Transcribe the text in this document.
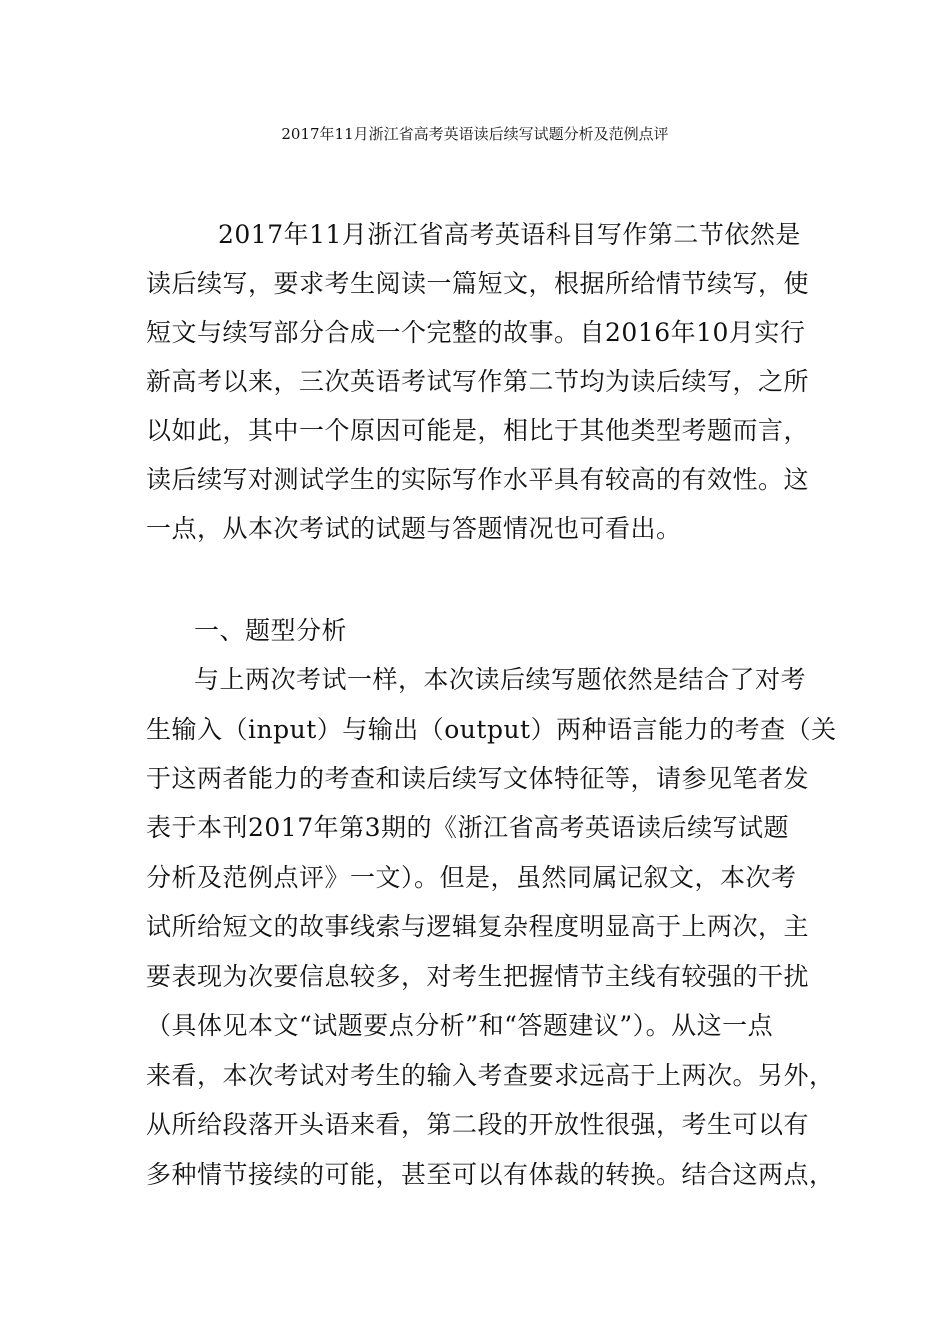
2017年11月浙江省高考英语读后续写试题分析及范例点评
2017年11月浙江省高考英语科目写作第二节依然是
读后续写，要求考生阅读一篇短文，根据所给情节续写，使
短文与续写部分合成一个完整的故事。自2016年10月实行
新高考以来，三次英语考试写作第二节均为读后续写，之所
以如此，其中一个原因可能是，相比于其他类型考题而言，
读后续写对测试学生的实际写作水平具有较高的有效性。这
一点，从本次考试的试题与答题情况也可看出。
一、题型分析
与上两次考试一样，本次读后续写题依然是结合了对考
生输入（input）与输出（output）两种语言能力的考查（关
于这两者能力的考查和读后续写文体特征等，请参见笔者发
表于本刊2017年第3期的《浙江省高考英语读后续写试题
分析及范例点评》一文）。但是，虽然同属记叙文，本次考
试所给短文的故事线索与逻辑复杂程度明显高于上两次，主
要表现为次要信息较多，对考生把握情节主线有较强的干扰
（具体见本文“试题要点分析”和“答题建议”）。从这一点
来看，本次考试对考生的输入考查要求远高于上两次。另外，
从所给段落开头语来看，第二段的开放性很强，考生可以有
多种情节接续的可能，甚至可以有体裁的转换。结合这两点，
